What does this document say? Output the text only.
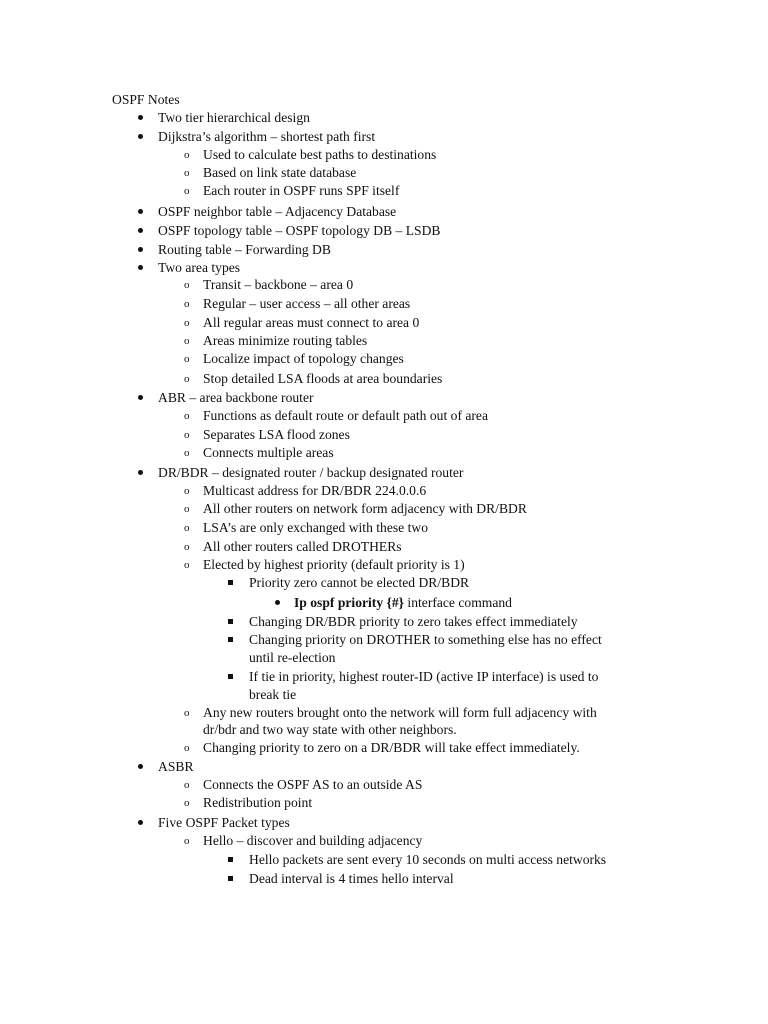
OSPF Notes
Two tier hierarchical design
Dijkstra’s algorithm – shortest path first
o Used to calculate best paths to destinations
o Based on link state database
o Each router in OSPF runs SPF itself
OSPF neighbor table – Adjacency Database
OSPF topology table – OSPF topology DB – LSDB
Routing table – Forwarding DB
Two area types
o Transit – backbone – area 0
o Regular – user access – all other areas
o All regular areas must connect to area 0
o Areas minimize routing tables
o Localize impact of topology changes
o Stop detailed LSA floods at area boundaries
ABR – area backbone router
o Functions as default route or default path out of area
o Separates LSA flood zones
o Connects multiple areas
DR/BDR – designated router / backup designated router
o Multicast address for DR/BDR 224.0.0.6
o All other routers on network form adjacency with DR/BDR
o LSA’s are only exchanged with these two
o All other routers called DROTHERs
o Elected by highest priority (default priority is 1)
Priority zero cannot be elected DR/BDR
Ip ospf priority {#} interface command
Changing DR/BDR priority to zero takes effect immediately
Changing priority on DROTHER to something else has no effect
until re-election
If tie in priority, highest router-ID (active IP interface) is used to
break tie
o Any new routers brought onto the network will form full adjacency with
dr/bdr and two way state with other neighbors.
o Changing priority to zero on a DR/BDR will take effect immediately.
ASBR
o Connects the OSPF AS to an outside AS
o Redistribution point
Five OSPF Packet types
o Hello – discover and building adjacency
Hello packets are sent every 10 seconds on multi access networks
Dead interval is 4 times hello interval
